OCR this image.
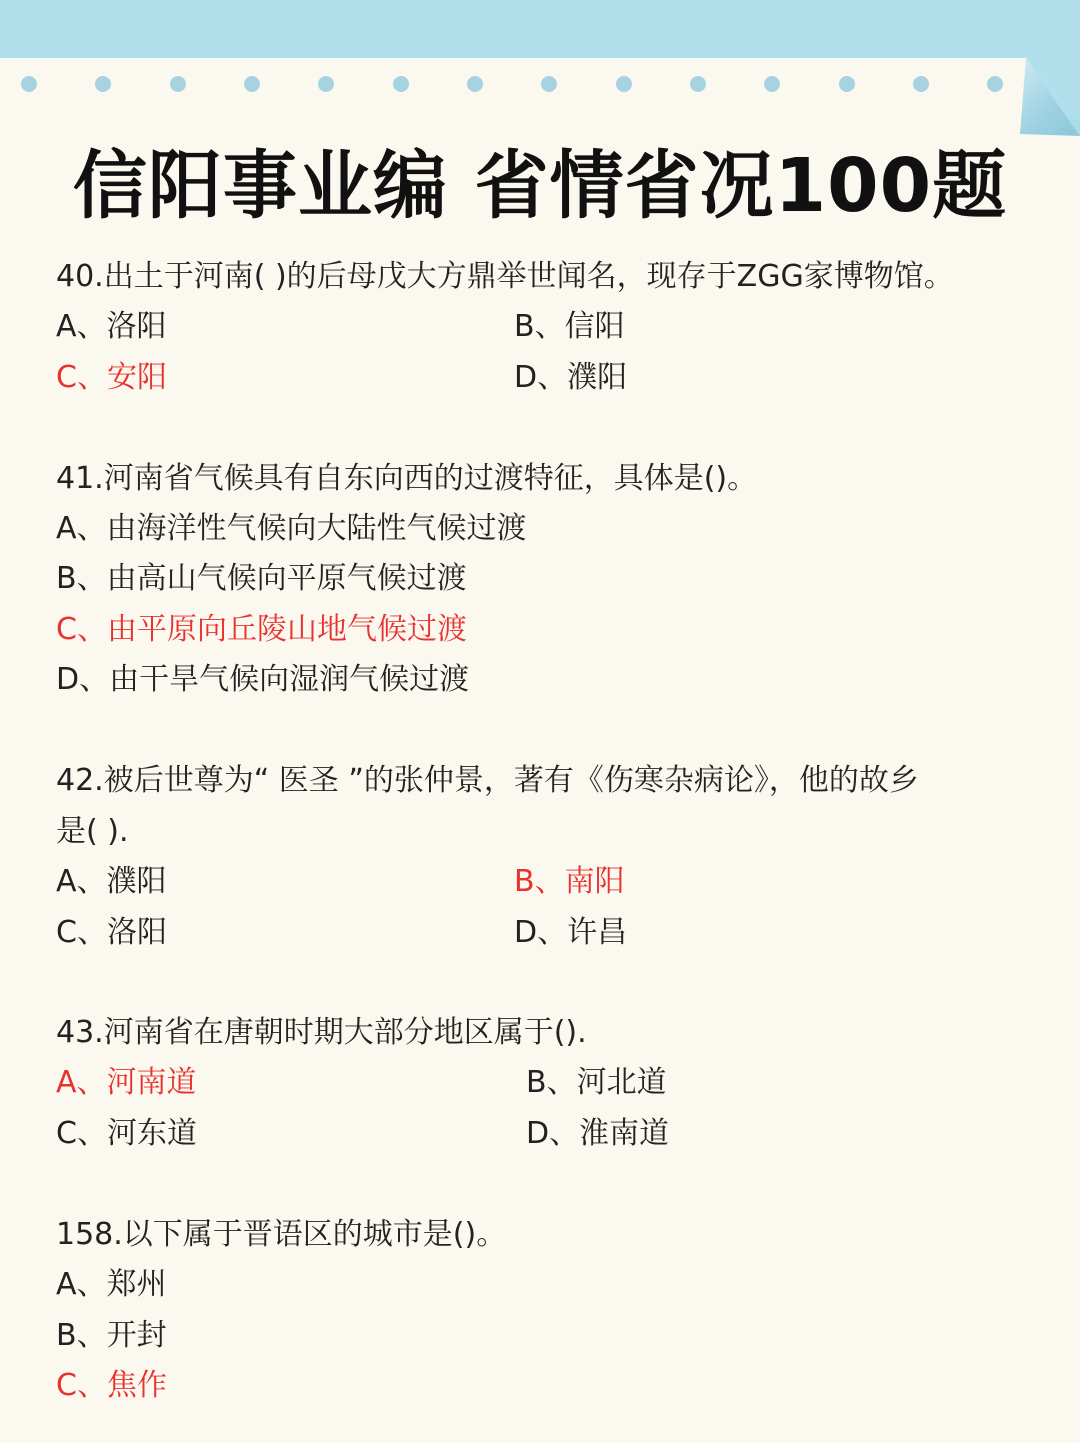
信阳事业编 省情省况100题
40.出土于河南( )的后母戊大方鼎举世闻名，现存于ZGG家博物馆。
A、洛阳	B、信阳
C、安阳	D、濮阳
41.河南省气候具有自东向西的过渡特征，具体是()。
A、由海洋性气候向大陆性气候过渡
B、由高山气候向平原气候过渡
C、由平原向丘陵山地气候过渡
D、由干旱气候向湿润气候过渡
42.被后世尊为“ 医圣 ”的张仲景，著有《伤寒杂病论》，他的故乡
是( ).
A、濮阳	B、南阳
C、洛阳	D、许昌
43.河南省在唐朝时期大部分地区属于().
A、河南道	B、河北道
C、河东道	D、淮南道
158.以下属于晋语区的城市是()。
A、郑州
B、开封
C、焦作
